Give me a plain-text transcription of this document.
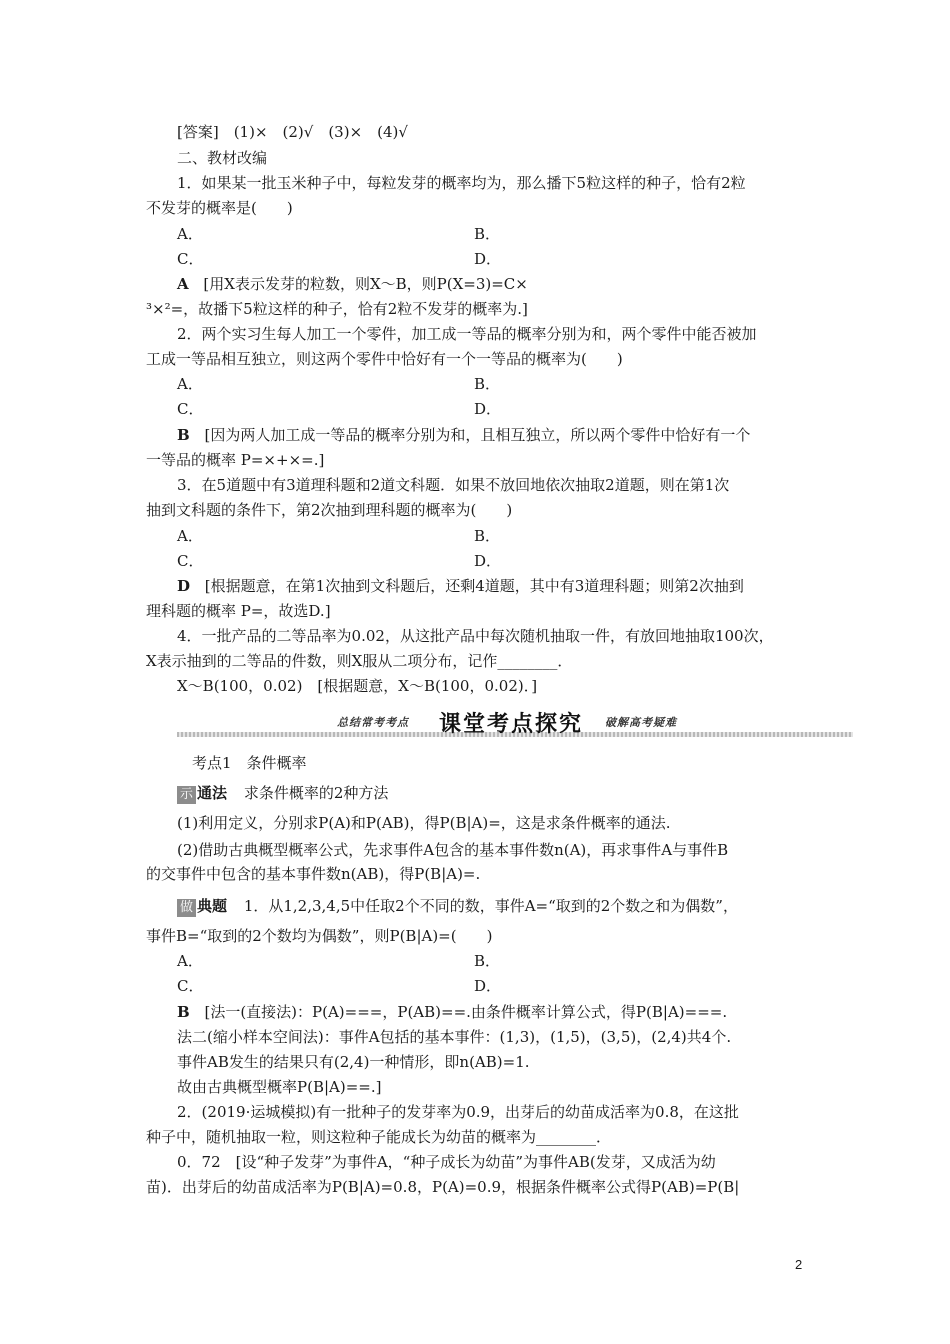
[答案]　(1)×　(2)√　(3)×　(4)√
二、教材改编
1．如果某一批玉米种子中，每粒发芽的概率均为，那么播下5粒这样的种子，恰有2粒
不发芽的概率是(　　)
A．	B．
C．	D．
A [用X表示发芽的粒数，则X～B，则P(X=3)=C×
³×²=，故播下5粒这样的种子，恰有2粒不发芽的概率为.]
2．两个实习生每人加工一个零件，加工成一等品的概率分别为和，两个零件中能否被加
工成一等品相互独立，则这两个零件中恰好有一个一等品的概率为(　　)
A．	B．
C．	D．
B [因为两人加工成一等品的概率分别为和，且相互独立，所以两个零件中恰好有一个
一等品的概率 P=×+×=.]
3．在5道题中有3道理科题和2道文科题．如果不放回地依次抽取2道题，则在第1次
抽到文科题的条件下，第2次抽到理科题的概率为(　　)
A．	B．
C．	D．
D [根据题意，在第1次抽到文科题后，还剩4道题，其中有3道理科题；则第2次抽到
理科题的概率 P=，故选D.]
4．一批产品的二等品率为0.02，从这批产品中每次随机抽取一件，有放回地抽取100次，
X表示抽到的二等品的件数，则X服从二项分布，记作________．
X～B(100，0.02)　[根据题意，X～B(100，0.02)．]
总结常考考点 课堂考点探究 破解高考疑难
考点1　条件概率
示 通法 求条件概率的2种方法
(1)利用定义，分别求P(A)和P(AB)，得P(B|A)=，这是求条件概率的通法.
(2)借助古典概型概率公式，先求事件A包含的基本事件数n(A)，再求事件A与事件B
的交事件中包含的基本事件数n(AB)，得P(B|A)=.
做 典题 1．从1,2,3,4,5中任取2个不同的数，事件A=“取到的2个数之和为偶数”，
事件B=“取到的2个数均为偶数”，则P(B|A)=(　　)
A．	B．
C．	D．
B [法一(直接法)：P(A)===，P(AB)==.由条件概率计算公式，得P(B|A)===.
法二(缩小样本空间法)：事件A包括的基本事件：(1,3)，(1,5)，(3,5)，(2,4)共4个.
事件AB发生的结果只有(2,4)一种情形，即n(AB)=1.
故由古典概型概率P(B|A)==.]
2．(2019·运城模拟)有一批种子的发芽率为0.9，出芽后的幼苗成活率为0.8，在这批
种子中，随机抽取一粒，则这粒种子能成长为幼苗的概率为________．
0．72　[设“种子发芽”为事件A，“种子成长为幼苗”为事件AB(发芽，又成活为幼
苗)．出芽后的幼苗成活率为P(B|A)=0.8，P(A)=0.9，根据条件概率公式得P(AB)=P(B|
2
